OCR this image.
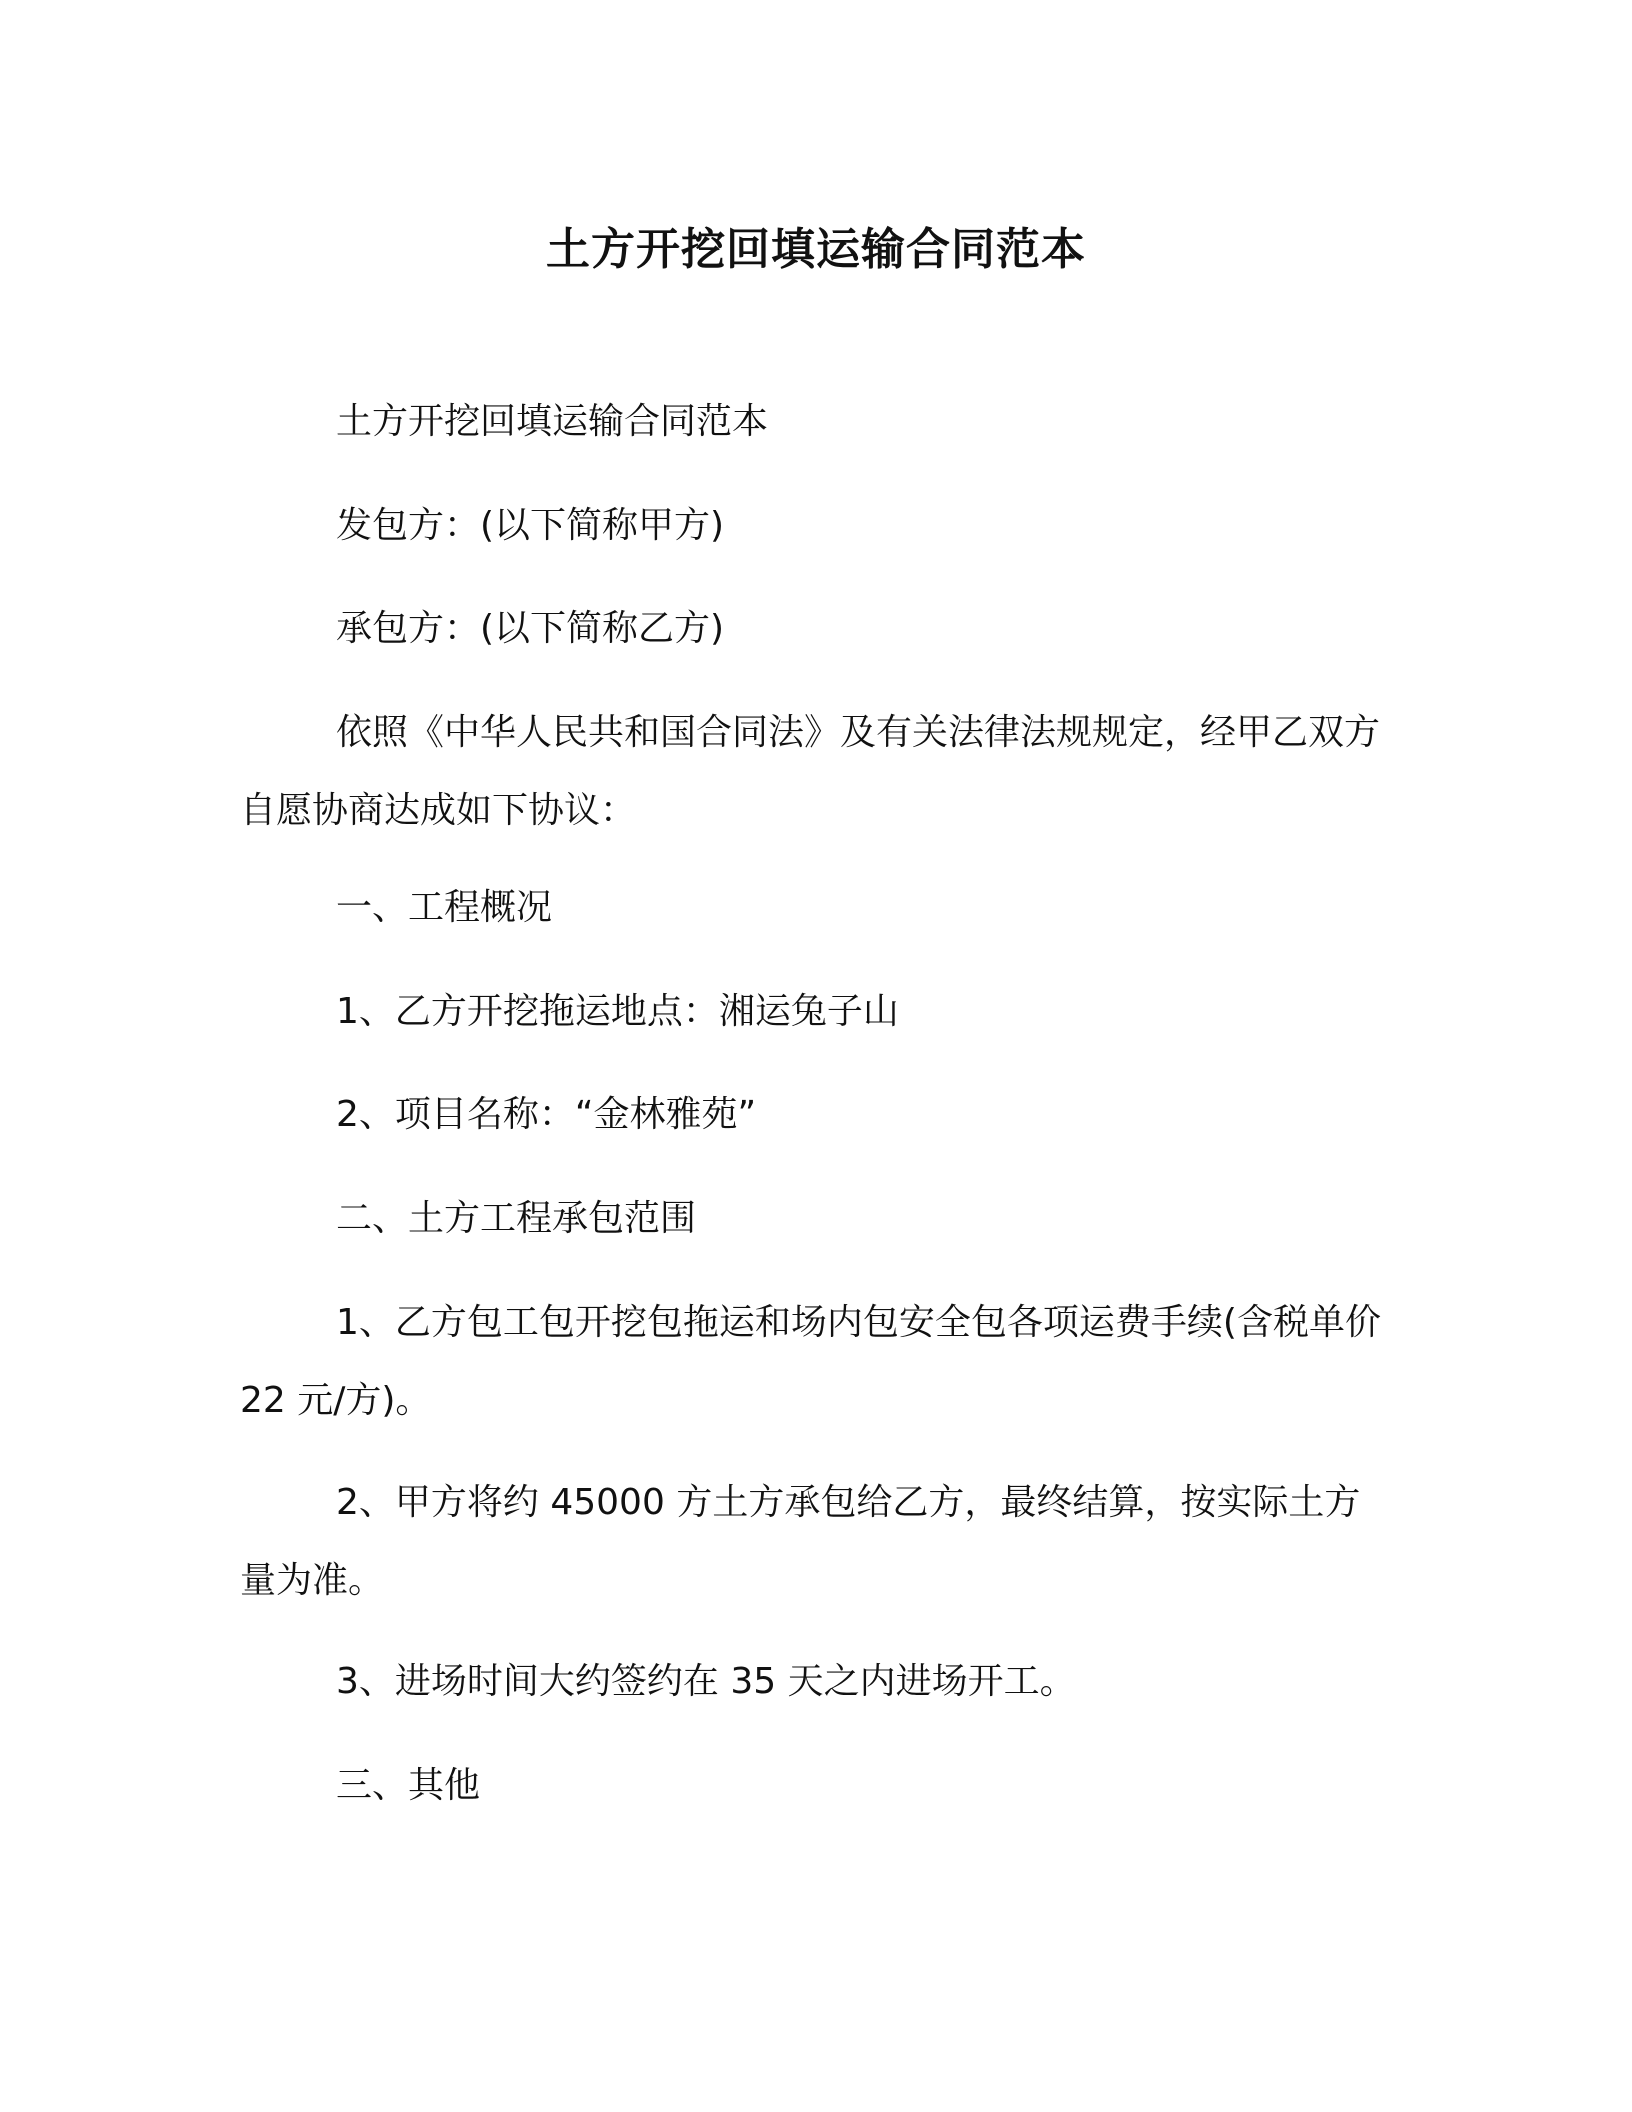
土方开挖回填运输合同范本

土方开挖回填运输合同范本

发包方：(以下简称甲方)

承包方：(以下简称乙方)

依照《中华人民共和国合同法》及有关法律法规规定，经甲乙双方自愿协商达成如下协议：

一、工程概况

1、乙方开挖拖运地点：湘运兔子山

2、项目名称：“金林雅苑”

二、土方工程承包范围

1、乙方包工包开挖包拖运和场内包安全包各项运费手续(含税单价 22 元/方)。

2、甲方将约 45000 方土方承包给乙方，最终结算，按实际土方量为准。

3、进场时间大约签约在 35 天之内进场开工。

三、其他
